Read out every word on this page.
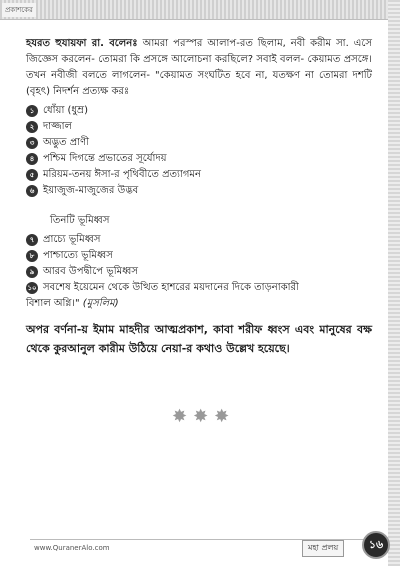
প্রকাশকের

হযরত হুযায়ফা রা. বলেনঃ আমরা পরস্পর আলাপ-রত ছিলাম, নবী করীম সা. এসে জিজ্ঞেস করলেন- তোমরা কি প্রসঙ্গে আলোচনা করছিলে? সবাই বলল- কেয়ামত প্রসঙ্গে। তখন নবীজী বলতে লাগলেন- "কেয়ামত সংঘটিত হবে না, যতক্ষণ না তোমরা দশটি (বৃহৎ) নিদর্শন প্রত্যক্ষ করঃ

১ ধোঁয়া (ধুম্র)
২ দাজ্জাল
৩ অদ্ভুত প্রাণী
৪ পশ্চিম দিগন্তে প্রভাতের সূর্যোদয়
৫ মরিয়ম-তনয় ঈসা-র পৃথিবীতে প্রত্যাগমন
৬ ইয়াজুজ-মাজুজের উদ্ভব
তিনটি ভূমিধ্বস
৭ প্রাচ্যে ভূমিধ্বস
৮ পাশ্চাত্যে ভূমিধ্বস
৯ আরব উপদ্বীপে ভূমিধ্বস
১০ সবশেষ ইয়েমেন থেকে উত্থিত হাশরের ময়দানের দিকে তাড়নাকারী
বিশাল অগ্নি।" (মুসলিম)

অপর বর্ণনা-য় ইমাম মাহদীর আত্মপ্রকাশ, কাবা শরীফ ধ্বংস এবং মানুষের বক্ষ থেকে কুরআনুল কারীম উঠিয়ে নেয়া-র কথাও উল্লেখ হয়েছে।

✸✸✸
www.QuranerAlo.com	মহা প্রলয়	১৬
